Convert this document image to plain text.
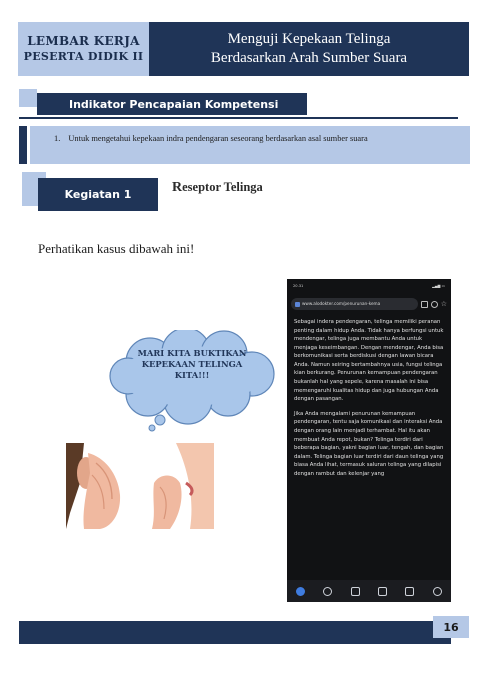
LEMBAR KERJA
PESERTA DIDIK II
Menguji Kepekaan Telinga
Berdasarkan Arah Sumber Suara
Indikator Pencapaian Kompetensi
1. Untuk mengetahui kepekaan indra pendengaran seseorang berdasarkan asal sumber suara
Kegiatan 1	Reseptor Telinga
Perhatikan kasus dibawah ini!
MARI KITA BUKTIKAN KEPEKAAN TELINGA KITA!!!
20.31	▂▄▆ ▭
www.alodokter.com/penurunan-kema	☆

Sebagai indera pendengaran, telinga memiliki peranan penting dalam hidup Anda. Tidak hanya berfungsi untuk mendengar, telinga juga membantu Anda untuk menjaga keseimbangan. Dengan mendengar, Anda bisa berkomunikasi serta berdiskusi dengan lawan bicara Anda. Namun seiring bertambahnya usia, fungsi telinga kian berkurang. Penurunan kemampuan pendengaran bukanlah hal yang sepele, karena masalah ini bisa memengaruhi kualitas hidup dan juga hubungan Anda dengan pasangan.

Jika Anda mengalami penurunan kemampuan pendengaran, tentu saja komunikasi dan interaksi Anda dengan orang lain menjadi terhambat. Hal itu akan membuat Anda repot, bukan? Telinga terdiri dari beberapa bagian, yakni bagian luar, tengah, dan bagian dalam. Telinga bagian luar terdiri dari daun telinga yang biasa Anda lihat, termasuk saluran telinga yang dilapisi dengan rambut dan kelenjar yang

16
